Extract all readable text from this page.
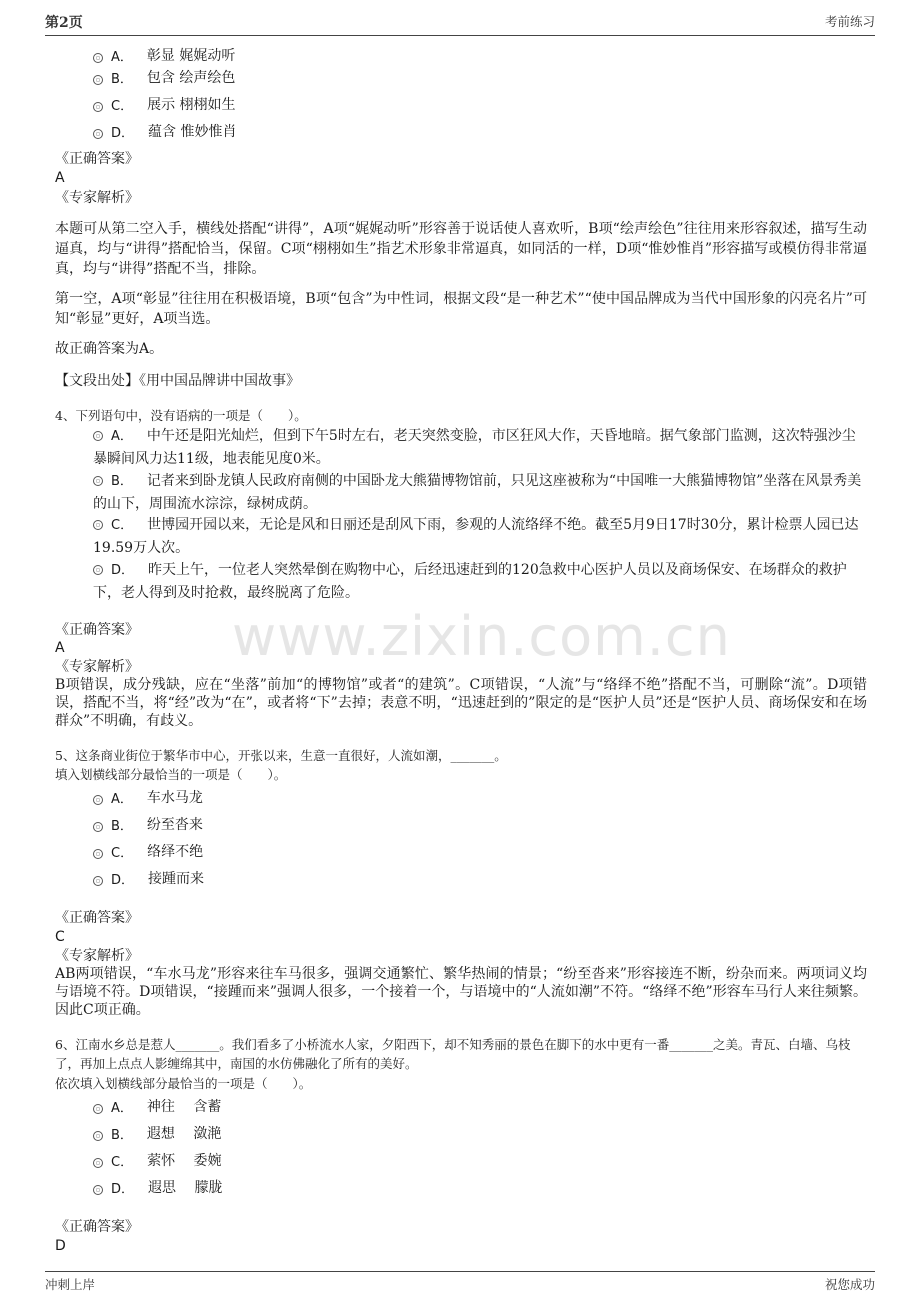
第2页	考前练习
www.zixin.com.cn
A． 彰显 娓娓动听
B． 包含 绘声绘色
C． 展示 栩栩如生
D． 蕴含 惟妙惟肖
《正确答案》
A
《专家解析》
本题可从第二空入手，横线处搭配“讲得”，A项“娓娓动听”形容善于说话使人喜欢听，B项“绘声绘色”往往用来形容叙述，描写生动逼真，均与“讲得”搭配恰当，保留。C项“栩栩如生”指艺术形象非常逼真，如同活的一样，D项“惟妙惟肖”形容描写或模仿得非常逼真，均与“讲得”搭配不当，排除。
第一空，A项“彰显”往往用在积极语境，B项“包含”为中性词，根据文段“是一种艺术”“使中国品牌成为当代中国形象的闪亮名片”可知“彰显”更好，A项当选。
故正确答案为A。
【文段出处】《用中国品牌讲中国故事》
4、下列语句中，没有语病的一项是（　　）。
A． 中午还是阳光灿烂，但到下午5时左右，老天突然变脸，市区狂风大作，天昏地暗。据气象部门监测，这次特强沙尘暴瞬间风力达11级，地表能见度0米。
B． 记者来到卧龙镇人民政府南侧的中国卧龙大熊猫博物馆前，只见这座被称为“中国唯一大熊猫博物馆”坐落在风景秀美的山下，周围流水淙淙，绿树成荫。
C． 世博园开园以来，无论是风和日丽还是刮风下雨，参观的人流络绎不绝。截至5月9日17时30分，累计检票人园已达19.59万人次。
D． 昨天上午，一位老人突然晕倒在购物中心，后经迅速赶到的120急救中心医护人员以及商场保安、在场群众的救护下，老人得到及时抢救，最终脱离了危险。
《正确答案》
A
《专家解析》
B项错误，成分残缺，应在“坐落”前加“的博物馆”或者“的建筑”。C项错误，“人流”与“络绎不绝”搭配不当，可删除“流”。D项错误，搭配不当，将“经”改为“在”，或者将“下”去掉；表意不明，“迅速赶到的”限定的是“医护人员”还是“医护人员、商场保安和在场群众”不明确，有歧义。
5、这条商业街位于繁华市中心，开张以来，生意一直很好，人流如潮，_______。
填入划横线部分最恰当的一项是（　　）。
A． 车水马龙
B． 纷至沓来
C． 络绎不绝
D． 接踵而来
《正确答案》
C
《专家解析》
AB两项错误，“车水马龙”形容来往车马很多，强调交通繁忙、繁华热闹的情景；“纷至沓来”形容接连不断，纷杂而来。两项词义均与语境不符。D项错误，“接踵而来”强调人很多，一个接着一个，与语境中的“人流如潮”不符。“络绎不绝”形容车马行人来往频繁。因此C项正确。
6、江南水乡总是惹人_______。我们看多了小桥流水人家，夕阳西下，却不知秀丽的景色在脚下的水中更有一番_______之美。青瓦、白墙、乌枝了，再加上点点人影缠绵其中，南国的水仿佛融化了所有的美好。
依次填入划横线部分最恰当的一项是（　　）。
A． 神往　 含蓄
B． 遐想　 潋滟
C． 萦怀　 委婉
D． 遐思　 朦胧
《正确答案》
D
冲刺上岸	祝您成功
